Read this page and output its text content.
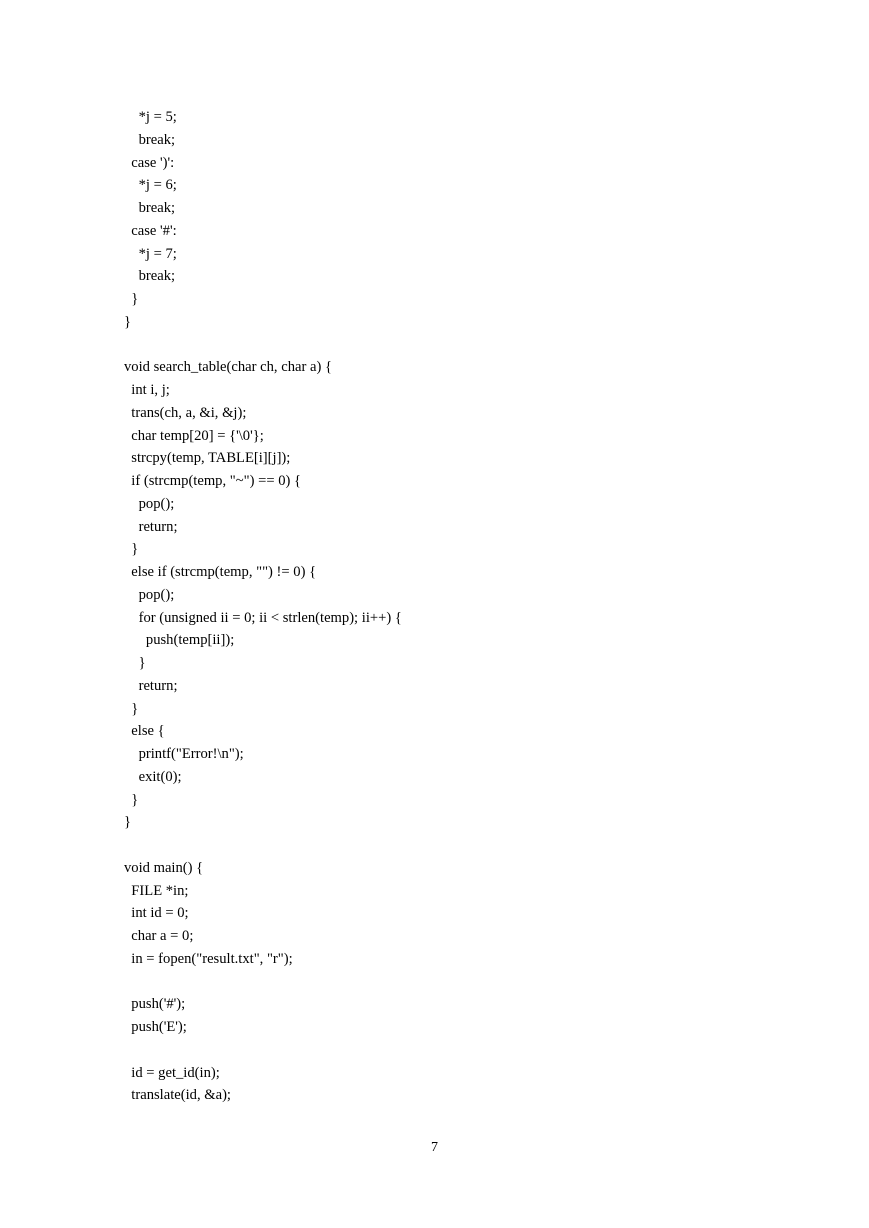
*j = 5;
break;
case ')':
*j = 6;
break;
case '#':
*j = 7;
break;
}
}
void search_table(char ch, char a) {
int i, j;
trans(ch, a, &i, &j);
char temp[20] = {'\0'};
strcpy(temp, TABLE[i][j]);
if (strcmp(temp, "~") == 0) {
pop();
return;
}
else if (strcmp(temp, "") != 0) {
pop();
for (unsigned ii = 0; ii < strlen(temp); ii++) {
push(temp[ii]);
}
return;
}
else {
printf("Error!\n");
exit(0);
}
}
void main() {
FILE *in;
int id = 0;
char a = 0;
in = fopen("result.txt", "r");
push('#');
push('E');
id = get_id(in);
translate(id, &a);
7
